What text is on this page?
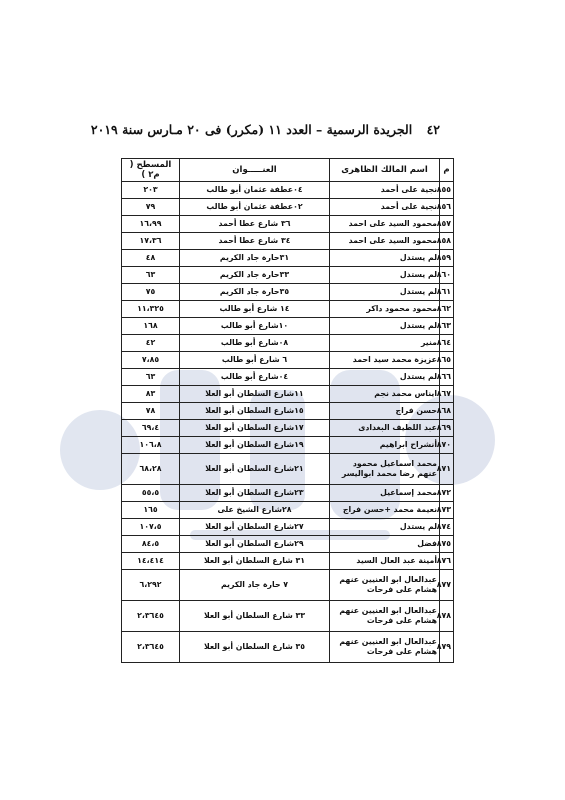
٤٢ الجريدة الرسمية – العدد ١١ (مكرر) فى ٢٠ مـارس سنة ٢٠١٩
م	اسم المالك الظاهرى	العنـــــوان	المسطح ( م٢ )
٨٥٥	نجية على أحمد	٠٤عطفة عثمان أبو طالب	٢٠٣
٨٥٦	نجية على أحمد	٠٢عطفة عثمان أبو طالب	٧٩
٨٥٧	محمود السيد على احمد	٣٦ شارع عطا أحمد	١٦،٩٩
٨٥٨	محمود السيد على احمد	٣٤ شارع عطا أحمد	١٧،٣٦
٨٥٩	لم يستدل	٣١حارة جاد الكريم	٤٨
٨٦٠	لم يستدل	٣٣حارة جاد الكريم	٦٣
٨٦١	لم يستدل	٣٥حارة جاد الكريم	٧٥
٨٦٢	محمود محمود داكر	١٤ شارع أبو طالب	١١،٣٢٥
٨٦٣	لم يستدل	١٠شارع أبو طالب	١٦٨
٨٦٤	منير	٠٨شارع أبو طالب	٤٢
٨٦٥	عزيزة محمد سيد احمد	٦ شارع أبو طالب	٧،٨٥
٨٦٦	لم يستدل	٠٤شارع أبو طالب	٦٣
٨٦٧	ايناس محمد نجم	١١شارع السلطان أبو العلا	٨٣
٨٦٨	حسن فراج	١٥شارع السلطان أبو العلا	٧٨
٨٦٩	عبد اللطيف البغدادى	١٧شارع السلطان أبو العلا	٦٩،٤
٨٧٠	أنشراح ابراهيم	١٩شارع السلطان أبو العلا	١٠٦،٨
٨٧١	محمد اسماعيل محمود عنهم رضا محمد ابواليسر	٢١شارع السلطان أبو العلا	٦٨،٢٨
٨٧٢	محمد إسماعيل	٢٣شارع السلطان أبو العلا	٥٥،٥
٨٧٣	نعيمة محمد +حسن فراج	٢٨شارع الشيخ على	١٦٥
٨٧٤	لم يستدل	٢٧شارع السلطان أبو العلا	١٠٧،٥
٨٧٥	فضل	٢٩شارع السلطان أبو العلا	٨٤،٥
٨٧٦	أمينة عبد العال السيد	٣١ شارع السلطان أبو العلا	١٤،٤١٤
٨٧٧	عبدالعال ابو العنيين عنهم هشام على فرحات	٧ حارة جاد الكريم	٦،٢٩٢
٨٧٨	عبدالعال ابو العنيين عنهم هشام على فرحات	٣٣ شارع السلطان أبو العلا	٢،٣٦٤٥
٨٧٩	عبدالعال ابو العنيين عنهم هشام على فرحات	٣٥ شارع السلطان أبو العلا	٢،٣٦٤٥
